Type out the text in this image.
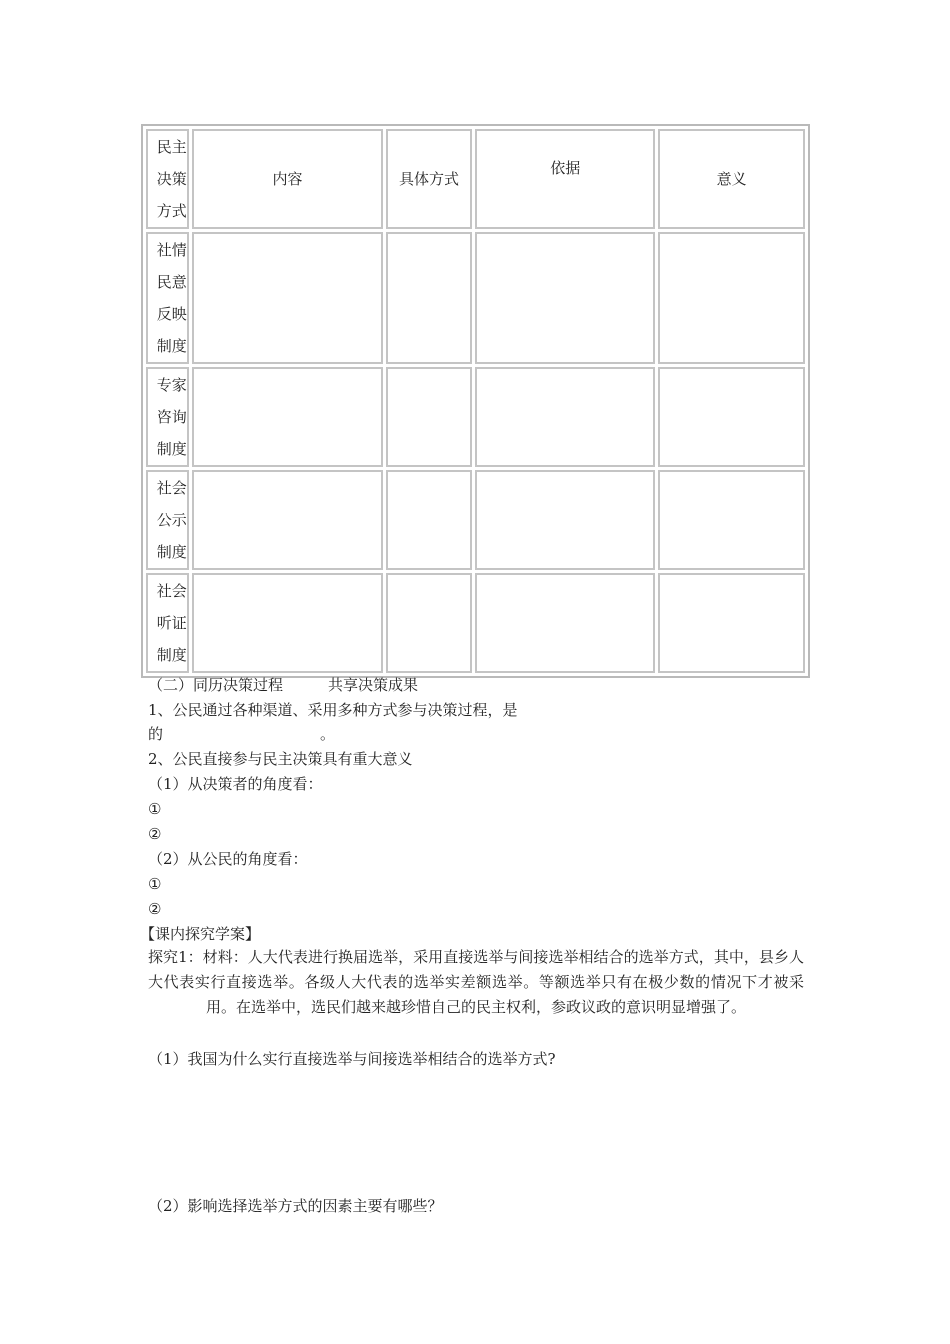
民主
决策
方式	内容	具体方式	依据	意义

社情
民意
反映
制度				

专家
咨询
制度				

社会
公示
制度				

社会
听证
制度				

（二）同历决策过程　　　共享决策成果
1、公民通过各种渠道、采用多种方式参与决策过程，是
的	。
2、公民直接参与民主决策具有重大意义
（1）从决策者的角度看：
①
②
（2）从公民的角度看：
①
②
【课内探究学案】
探究1：材料：人大代表进行换届选举，采用直接选举与间接选举相结合的选举方式，其中，县乡人大代表实行直接选举。各级人大代表的选举实差额选举。等额选举只有在极少数的情况下才被采用。在选举中，选民们越来越珍惜自己的民主权利，参政议政的意识明显增强了。
（1）我国为什么实行直接选举与间接选举相结合的选举方式?
（2）影响选择选举方式的因素主要有哪些？
